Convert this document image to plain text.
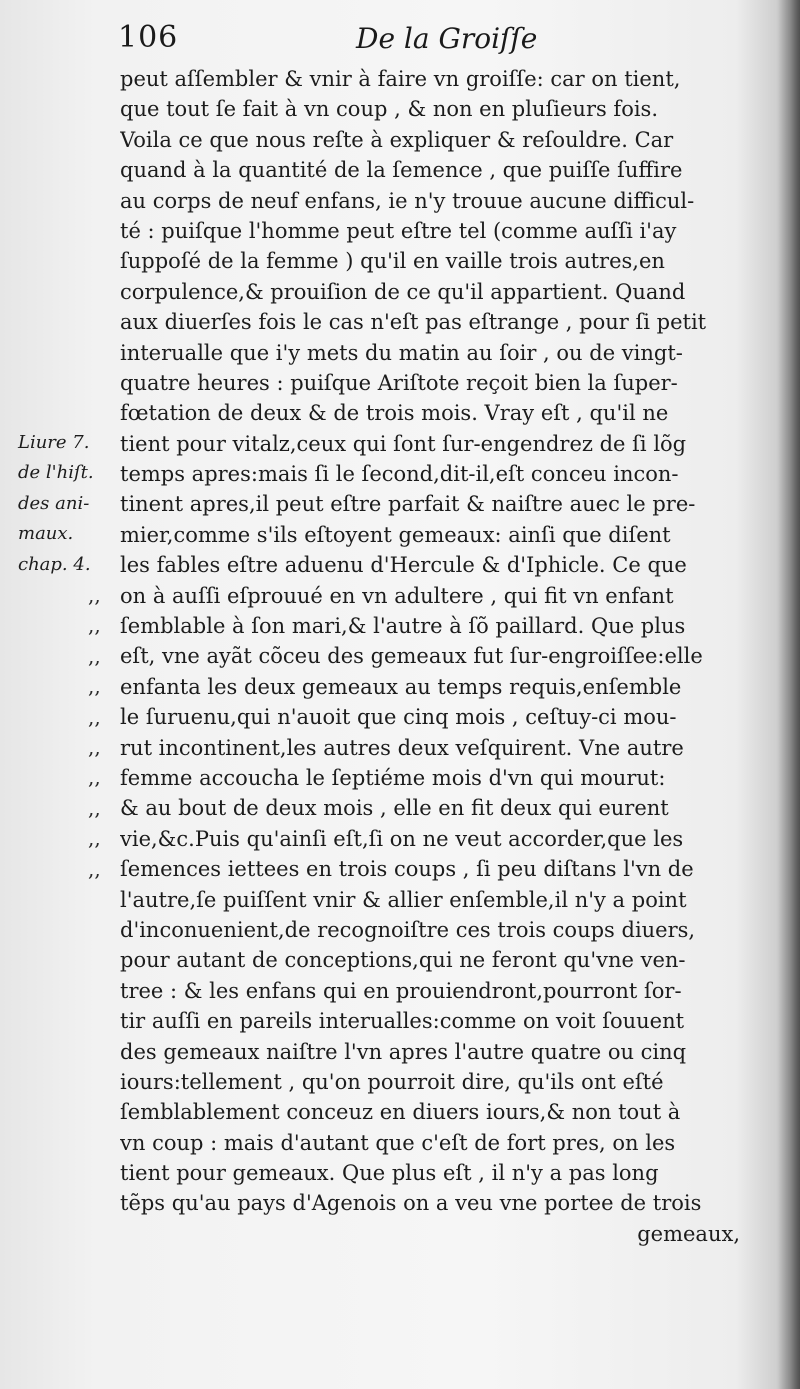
106	De la Groiſſe
Liure 7.
de l'hiſt.
des ani-
maux.
chap. 4.
,,
,,
,,
,,
,,
,,
,,
,,
,,
,,
peut aſſembler & vnir à faire vn groiſſe: car on tient,
que tout ſe fait à vn coup , & non en pluſieurs fois.
Voila ce que nous reſte à expliquer & reſouldre. Car
quand à la quantité de la ſemence , que puiſſe ſuffire
au corps de neuf enfans, ie n'y trouue aucune difficul-
té : puiſque l'homme peut eſtre tel (comme auſſi i'ay
ſuppoſé de la femme ) qu'il en vaille trois autres,en
corpulence,& prouiſion de ce qu'il appartient. Quand
aux diuerſes fois le cas n'eſt pas eſtrange , pour ſi petit
interualle que i'y mets du matin au ſoir , ou de vingt-
quatre heures : puiſque Ariſtote reçoit bien la ſuper-
fœtation de deux & de trois mois. Vray eſt , qu'il ne
tient pour vitalz,ceux qui ſont ſur-engendrez de ſi lõg
temps apres:mais ſi le ſecond,dit-il,eſt conceu incon-
tinent apres,il peut eſtre parfait & naiſtre auec le pre-
mier,comme s'ils eſtoyent gemeaux: ainſi que diſent
les fables eſtre aduenu d'Hercule & d'Iphicle. Ce que
on à auſſi eſprouué en vn adultere , qui fit vn enfant
ſemblable à ſon mari,& l'autre à ſõ paillard. Que plus
eſt, vne ayãt cõceu des gemeaux fut ſur-engroiſſee:elle
enfanta les deux gemeaux au temps requis,enſemble
le ſuruenu,qui n'auoit que cinq mois , ceſtuy-ci mou-
rut incontinent,les autres deux veſquirent. Vne autre
femme accoucha le ſeptiéme mois d'vn qui mourut:
& au bout de deux mois , elle en fit deux qui eurent
vie,&c.Puis qu'ainſi eſt,ſi on ne veut accorder,que les
ſemences iettees en trois coups , ſi peu diſtans l'vn de
l'autre,ſe puiſſent vnir & allier enſemble,il n'y a point
d'inconuenient,de recognoiſtre ces trois coups diuers,
pour autant de conceptions,qui ne feront qu'vne ven-
tree : & les enfans qui en prouiendront,pourront ſor-
tir auſſi en pareils interualles:comme on voit ſouuent
des gemeaux naiſtre l'vn apres l'autre quatre ou cinq
iours:tellement , qu'on pourroit dire, qu'ils ont eſté
ſemblablement conceuz en diuers iours,& non tout à
vn coup : mais d'autant que c'eſt de fort pres, on les
tient pour gemeaux. Que plus eſt , il n'y a pas long
tẽps qu'au pays d'Agenois on a veu vne portee de trois
gemeaux,
